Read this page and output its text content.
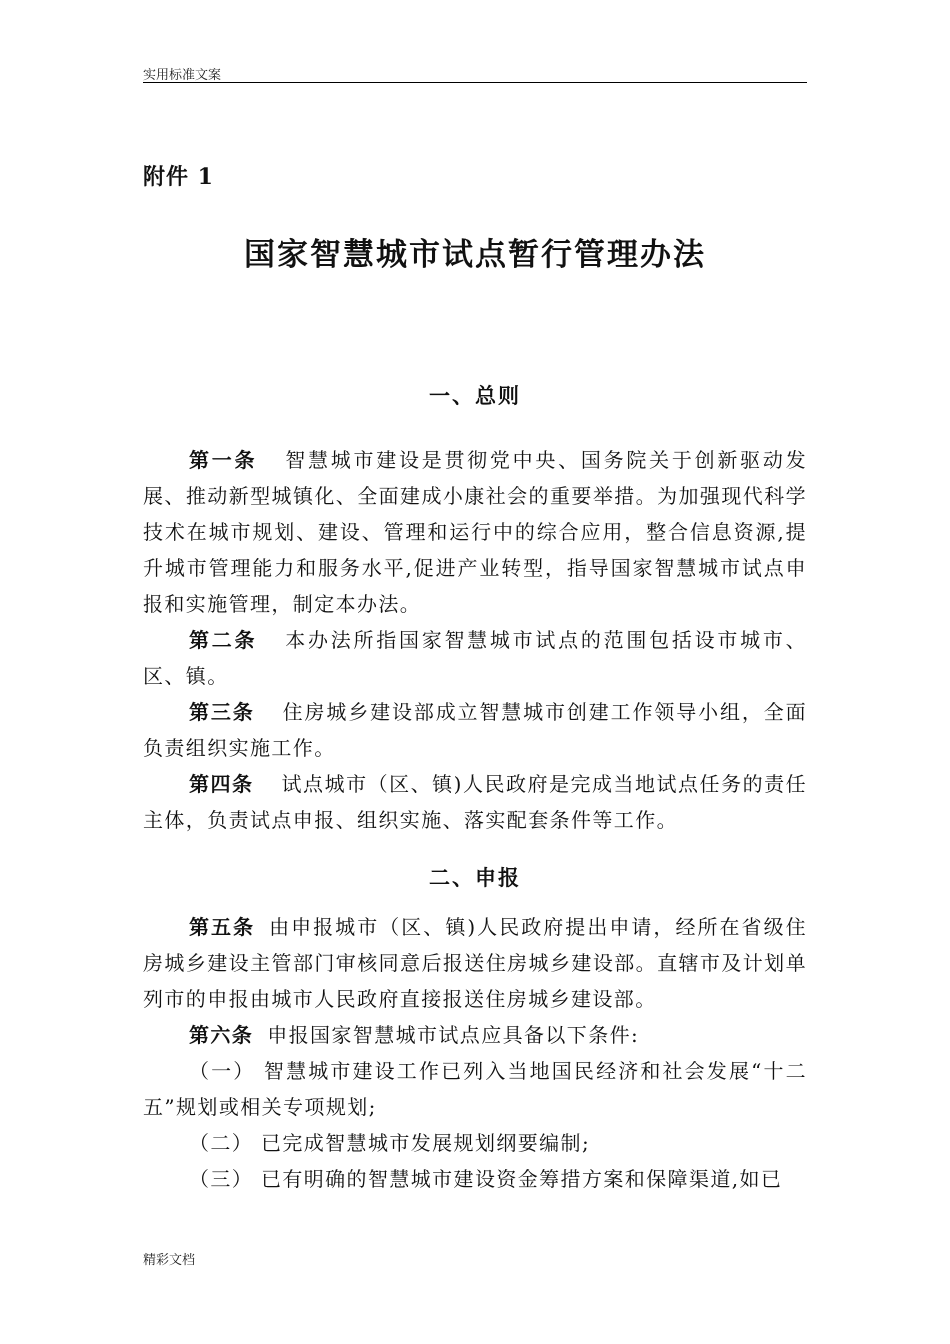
实用标准文案
附件 1
国家智慧城市试点暂行管理办法
一、总则

第一条 智慧城市建设是贯彻党中央、国务院关于创新驱动发展、推动新型城镇化、全面建成小康社会的重要举措。为加强现代科学技术在城市规划、建设、管理和运行中的综合应用，整合信息资源,提升城市管理能力和服务水平,促进产业转型，指导国家智慧城市试点申报和实施管理，制定本办法。

第二条 本办法所指国家智慧城市试点的范围包括设市城市、区、镇。

第三条 住房城乡建设部成立智慧城市创建工作领导小组，全面负责组织实施工作。

第四条 试点城市（区、镇)人民政府是完成当地试点任务的责任主体，负责试点申报、组织实施、落实配套条件等工作。

二、申报

第五条 由申报城市（区、镇)人民政府提出申请，经所在省级住房城乡建设主管部门审核同意后报送住房城乡建设部。直辖市及计划单列市的申报由城市人民政府直接报送住房城乡建设部。

第六条 申报国家智慧城市试点应具备以下条件:

（一） 智慧城市建设工作已列入当地国民经济和社会发展“十二五”规划或相关专项规划;

（二） 已完成智慧城市发展规划纲要编制;

（三） 已有明确的智慧城市建设资金筹措方案和保障渠道,如已

精彩文档
